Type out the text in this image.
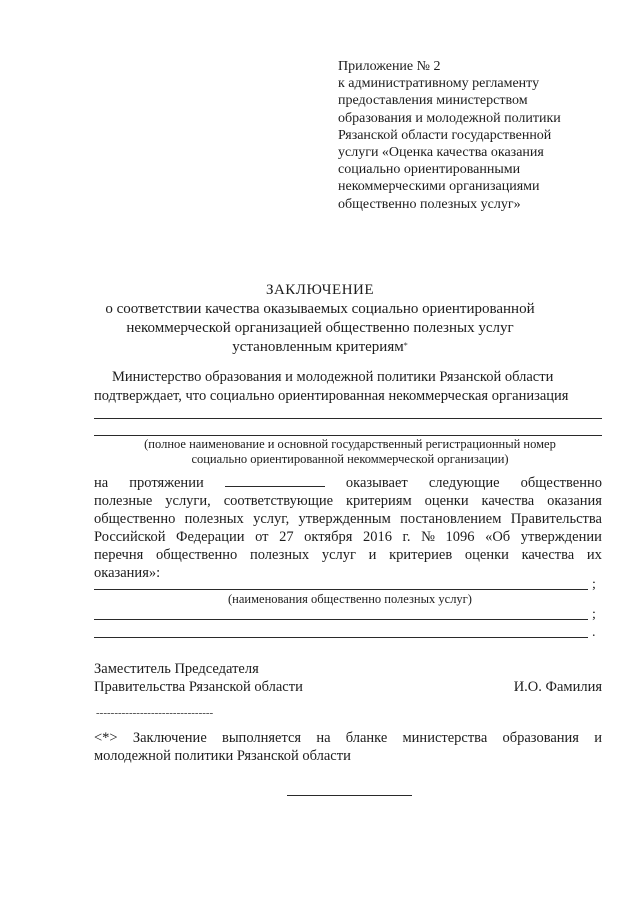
Приложение № 2
к административному регламенту
предоставления министерством
образования и молодежной политики
Рязанской области государственной
услуги «Оценка качества оказания
социально ориентированными
некоммерческими организациями
общественно полезных услуг»
ЗАКЛЮЧЕНИЕ
о соответствии качества оказываемых социально ориентированной
некоммерческой организацией общественно полезных услуг
установленным критериям*
Министерство образования и молодежной политики Рязанской области
подтверждает, что социально ориентированная некоммерческая организация
(полное наименование и основной государственный регистрационный номер
социально ориентированной некоммерческой организации)
на протяжении	оказывает следующие общественно
полезные услуги, соответствующие критериям оценки качества оказания
общественно полезных услуг, утвержденным постановлением Правительства
Российской Федерации от 27 октября 2016 г. № 1096 «Об утверждении
перечня общественно полезных услуг и критериев оценки качества их
оказания»:
;
(наименования общественно полезных услуг)
;
.
Заместитель Председателя
Правительства Рязанской области	И.О. Фамилия
--------------------------------
<*> Заключение выполняется на бланке министерства образования и
молодежной политики Рязанской области
